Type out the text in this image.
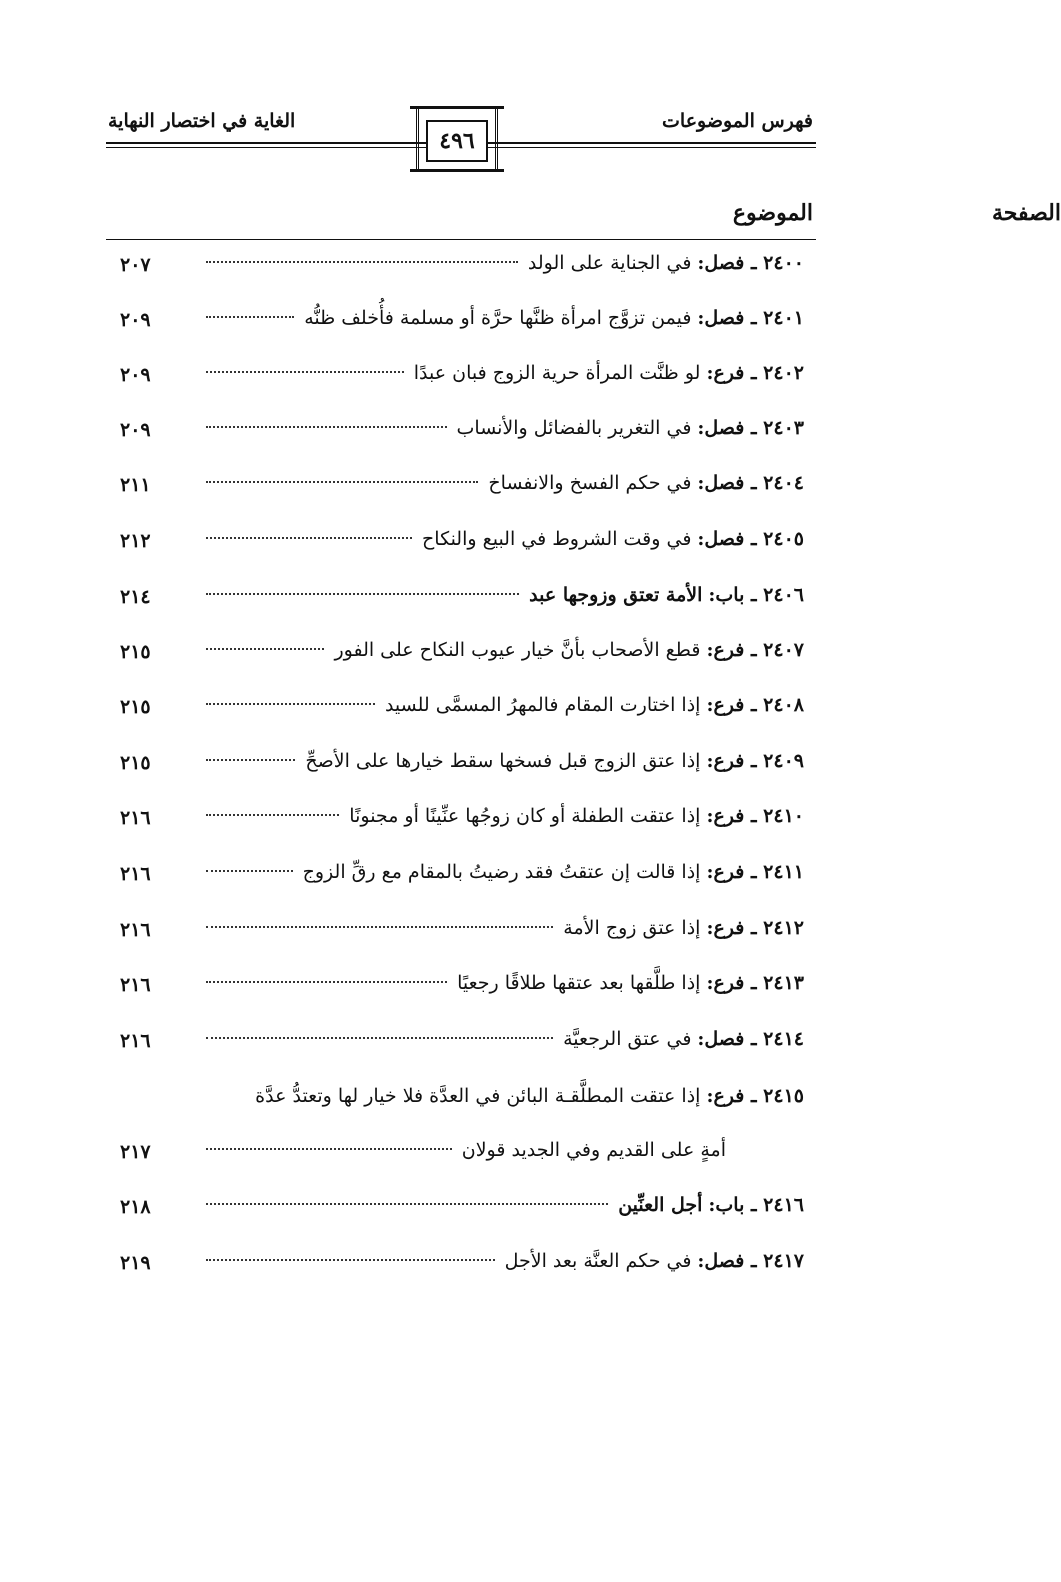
فهرس الموضوعات
الغاية في اختصار النهاية
٤٩٦
الموضوع	الصفحة
٢٤٠٠ ـ فصل:
في الجناية على الولد
٢٠٧
٢٤٠١ ـ فصل:
فيمن تزوَّج امرأة ظنَّها حرَّة أو مسلمة فأُخلف ظنُّه
٢٠٩
٢٤٠٢ ـ فرع:
لو ظنَّت المرأة حرية الزوج فبان عبدًا
٢٠٩
٢٤٠٣ ـ فصل:
في التغرير بالفضائل والأنساب
٢٠٩
٢٤٠٤ ـ فصل:
في حكم الفسخ والانفساخ
٢١١
٢٤٠٥ ـ فصل:
في وقت الشروط في البيع والنكاح
٢١٢
٢٤٠٦ ـ باب:
الأمة تعتق وزوجها عبد
٢١٤
٢٤٠٧ ـ فرع:
قطع الأصحاب بأنَّ خيار عيوب النكاح على الفور
٢١٥
٢٤٠٨ ـ فرع:
إذا اختارت المقام فالمهرُ المسمَّى للسيد
٢١٥
٢٤٠٩ ـ فرع:
إذا عتق الزوج قبل فسخها سقط خيارها على الأصحِّ
٢١٥
٢٤١٠ ـ فرع:
إذا عتقت الطفلة أو كان زوجُها عنِّينًا أو مجنونًا
٢١٦
٢٤١١ ـ فرع:
إذا قالت إن عتقتُ فقد رضيتُ بالمقام مع رقِّ الزوج
٢١٦
٢٤١٢ ـ فرع:
إذا عتق زوج الأمة
٢١٦
٢٤١٣ ـ فرع:
إذا طلَّقها بعد عتقها طلاقًا رجعيًا
٢١٦
٢٤١٤ ـ فصل:
في عتق الرجعيَّة
٢١٦
٢٤١٥ ـ فرع:
إذا عتقت المطلَّقـة البائن في العدَّة فلا خيار لها وتعتدُّ عدَّة
أمةٍ على القديم وفي الجديد قولان
٢١٧
٢٤١٦ ـ باب:
أجل العنِّين
٢١٨
٢٤١٧ ـ فصل:
في حكم العنَّة بعد الأجل
٢١٩
